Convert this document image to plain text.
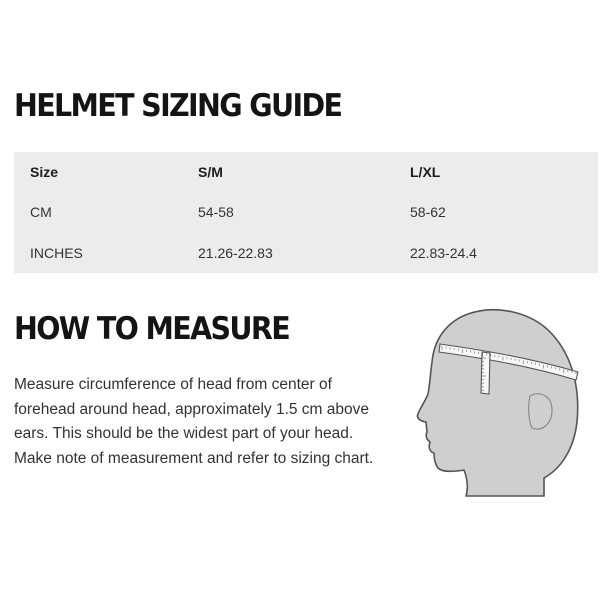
HELMET SIZING GUIDE
Size	S/M	L/XL
CM	54-58	58-62
INCHES	21.26-22.83	22.83-24.4
HOW TO MEASURE

Measure circumference of head from center of forehead around head, approximately 1.5 cm above ears. This should be the widest part of your head. Make note of measurement and refer to sizing chart.
